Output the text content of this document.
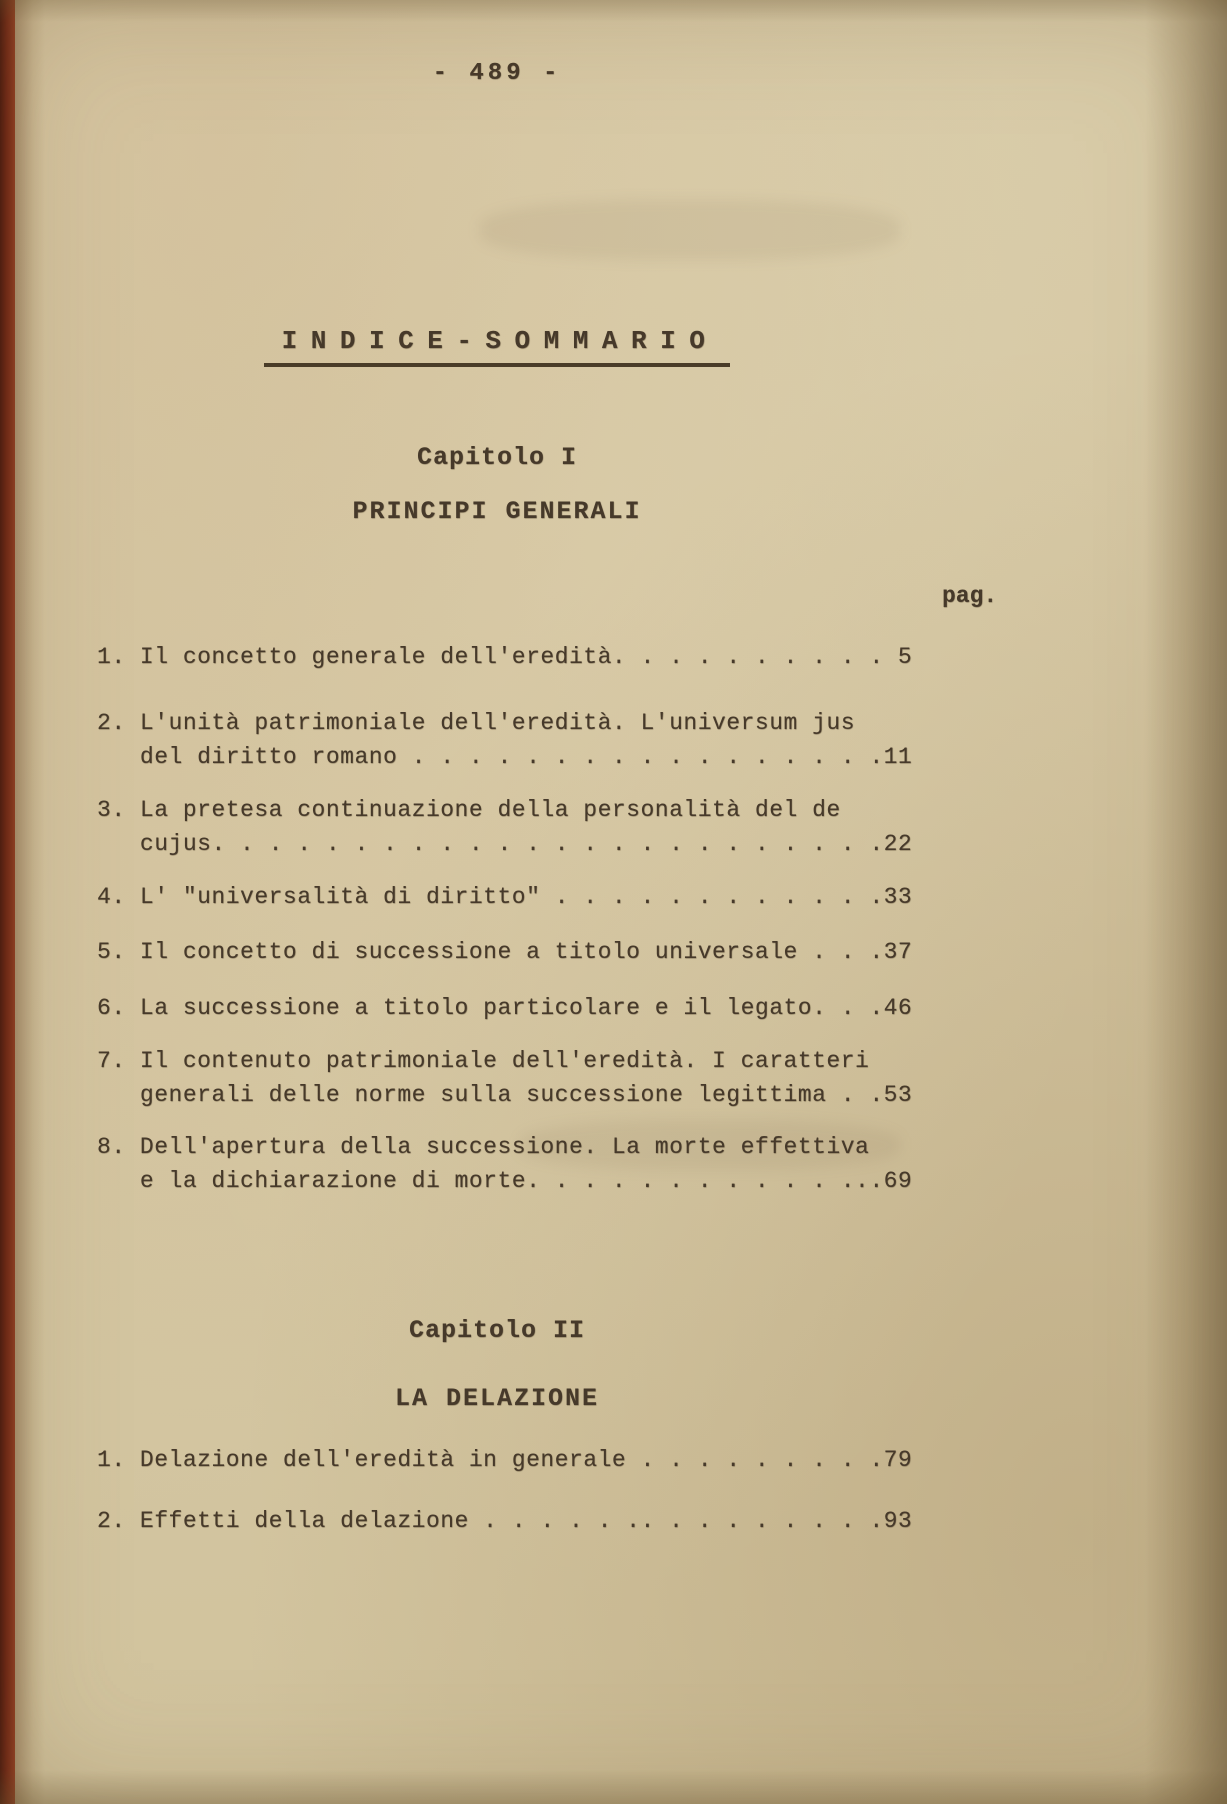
- 489 -
INDICE-SOMMARIO
Capitolo I
PRINCIPI GENERALI
pag.
1. Il concetto generale dell'eredità. . . . . . . . . . 5
2. L'unità patrimoniale dell'eredità. L'universum jus
del diritto romano . . . . . . . . . . . . . . . . .11
3. La pretesa continuazione della personalità del de
cujus. . . . . . . . . . . . . . . . . . . . . . . .22
4. L' "universalità di diritto" . . . . . . . . . . . .33
5. Il concetto di successione a titolo universale . . .37
6. La successione a titolo particolare e il legato. . .46
7. Il contenuto patrimoniale dell'eredità. I caratteri
generali delle norme sulla successione legittima . .53
8. Dell'apertura della successione. La morte effettiva
e la dichiarazione di morte. . . . . . . . . . . ...69
Capitolo II
LA DELAZIONE
1. Delazione dell'eredità in generale . . . . . . . . .79
2. Effetti della delazione . . . . . .. . . . . . . . .93
